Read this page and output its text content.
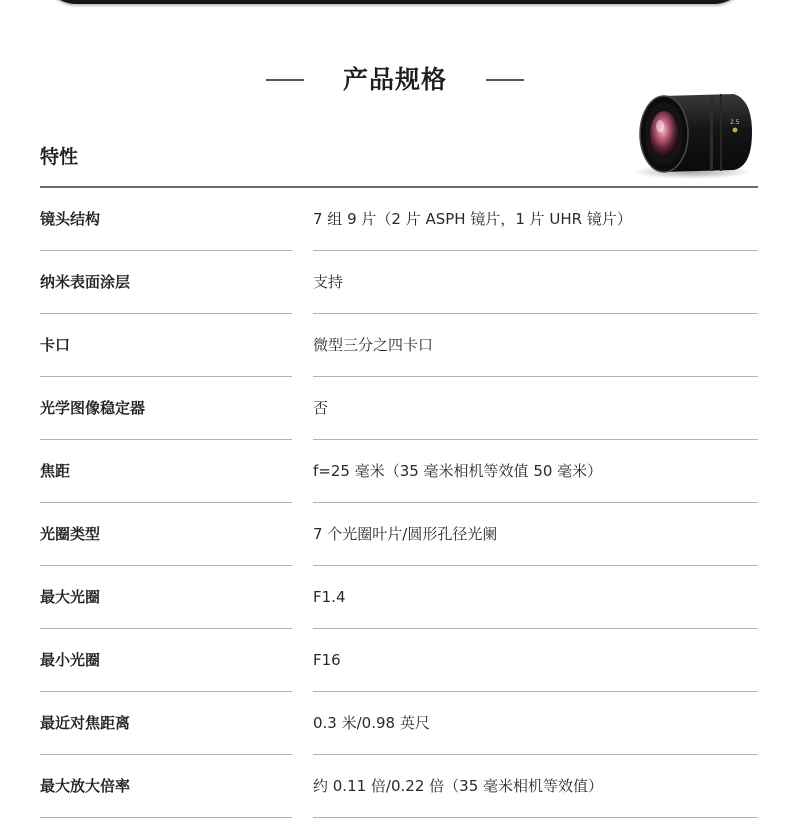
产品规格
特性
2.5
镜头结构	7 组 9 片（2 片 ASPH 镜片，1 片 UHR 镜片）
纳米表面涂层	支持
卡口	微型三分之四卡口
光学图像稳定器	否
焦距	f=25 毫米（35 毫米相机等效值 50 毫米）
光圈类型	7 个光圈叶片/圆形孔径光阑
最大光圈	F1.4
最小光圈	F16
最近对焦距离	0.3 米/0.98 英尺
最大放大倍率	约 0.11 倍/0.22 倍（35 毫米相机等效值）
